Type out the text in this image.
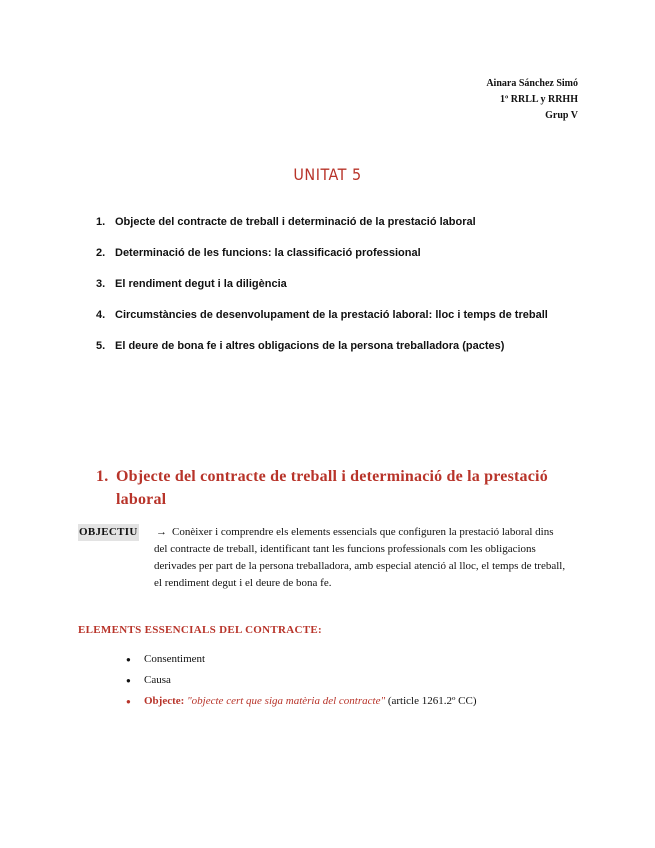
Ainara Sánchez Simó
1º RRLL y RRHH
Grup V
UNITAT 5
1. Objecte del contracte de treball i determinació de la prestació laboral
2. Determinació de les funcions: la classificació professional
3. El rendiment degut i la diligència
4. Circumstàncies de desenvolupament de la prestació laboral: lloc i temps de treball
5. El deure de bona fe i altres obligacions de la persona treballadora (pactes)
1. Objecte del contracte de treball i determinació de la prestació laboral
OBJECTIU → Conèixer i comprendre els elements essencials que configuren la prestació laboral dins del contracte de treball, identificant tant les funcions professionals com les obligacions derivades per part de la persona treballadora, amb especial atenció al lloc, el temps de treball, el rendiment degut i el deure de bona fe.
ELEMENTS ESSENCIALS DEL CONTRACTE:
●	Consentiment
●	Causa
●	Objecte: "objecte cert que siga matèria del contracte" (article 1261.2º CC)
